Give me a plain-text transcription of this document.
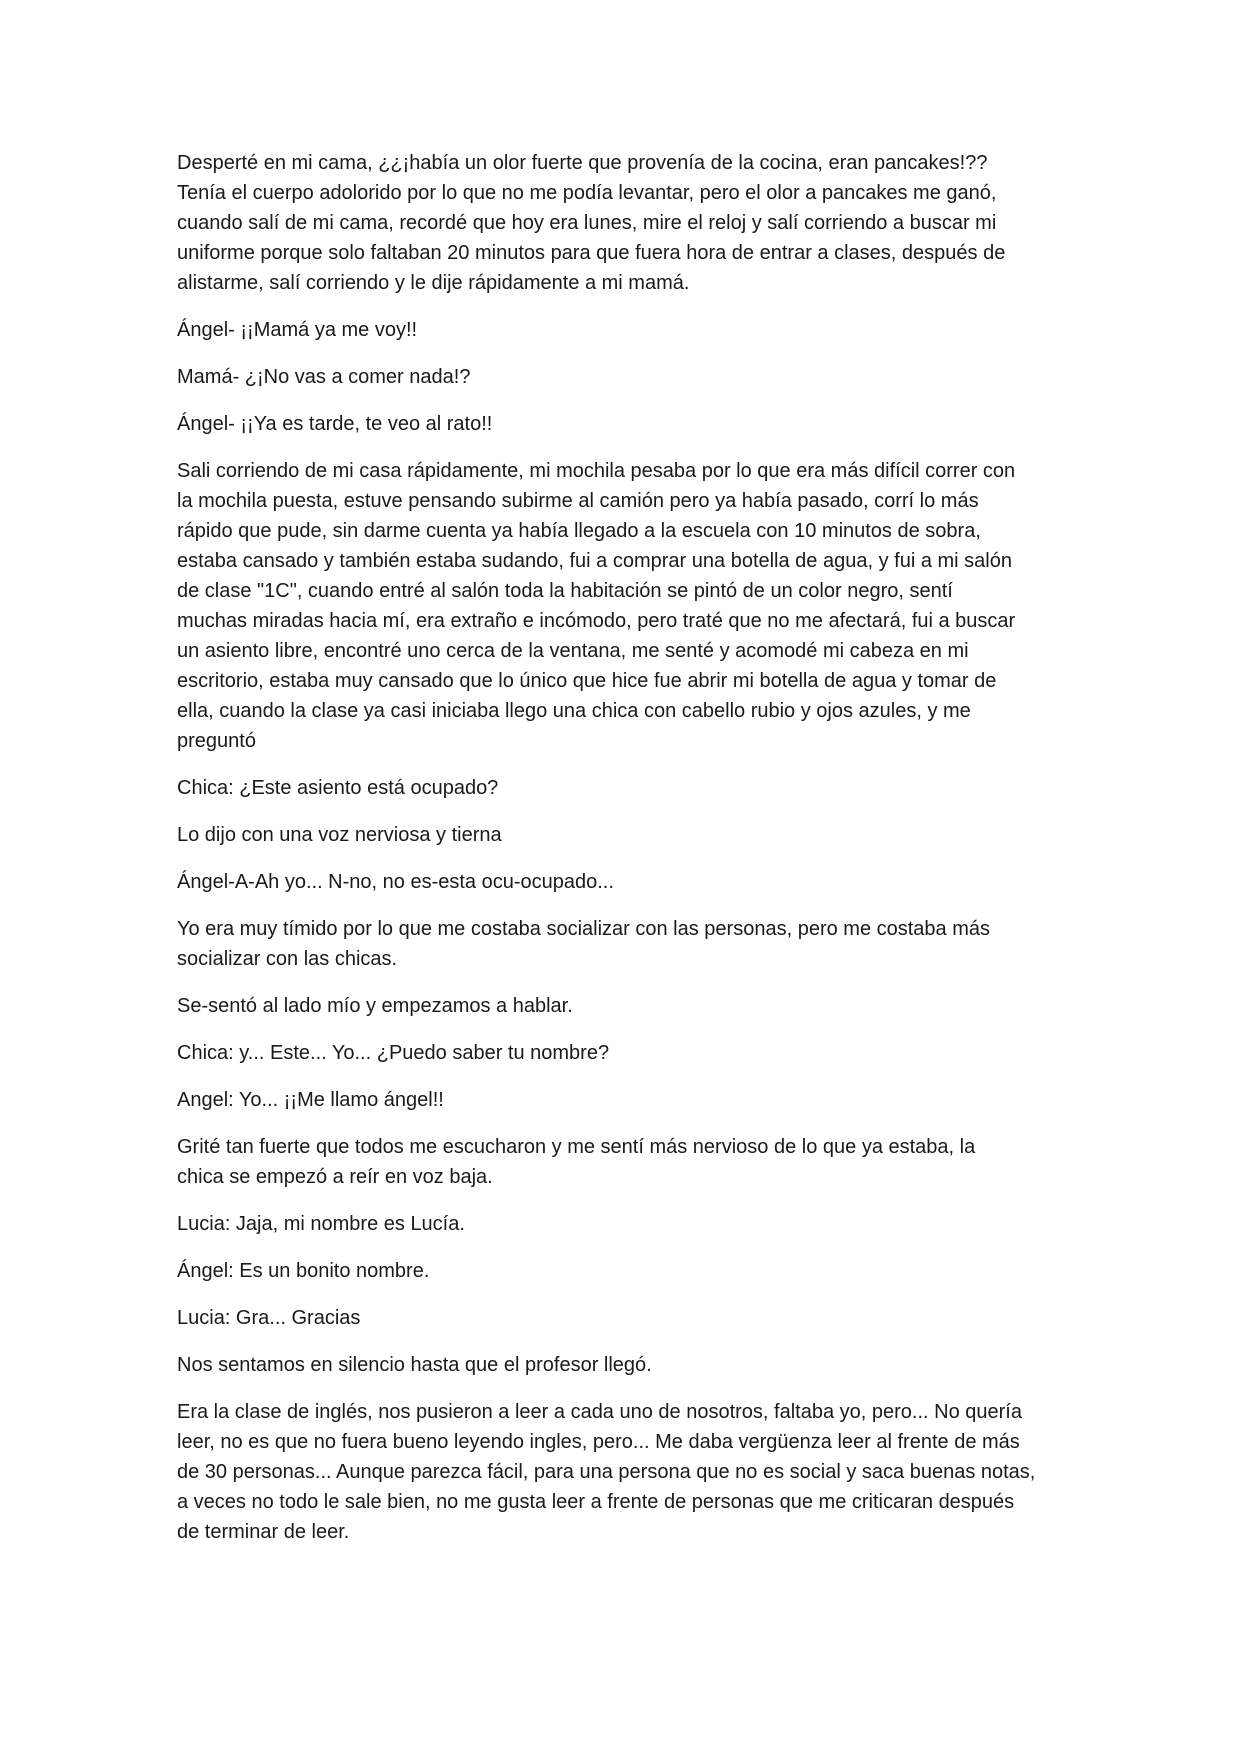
Desperté en mi cama, ¿¿¡había un olor fuerte que provenía de la cocina, eran pancakes!??
Tenía el cuerpo adolorido por lo que no me podía levantar, pero el olor a pancakes me ganó,
cuando salí de mi cama, recordé que hoy era lunes, mire el reloj y salí corriendo a buscar mi
uniforme porque solo faltaban 20 minutos para que fuera hora de entrar a clases, después de
alistarme, salí corriendo y le dije rápidamente a mi mamá.

Ángel- ¡¡Mamá ya me voy!!

Mamá- ¿¡No vas a comer nada!?

Ángel- ¡¡Ya es tarde, te veo al rato!!

Sali corriendo de mi casa rápidamente, mi mochila pesaba por lo que era más difícil correr con
la mochila puesta, estuve pensando subirme al camión pero ya había pasado, corrí lo más
rápido que pude, sin darme cuenta ya había llegado a la escuela con 10 minutos de sobra,
estaba cansado y también estaba sudando, fui a comprar una botella de agua, y fui a mi salón
de clase "1C", cuando entré al salón toda la habitación se pintó de un color negro, sentí
muchas miradas hacia mí, era extraño e incómodo, pero traté que no me afectará, fui a buscar
un asiento libre, encontré uno cerca de la ventana, me senté y acomodé mi cabeza en mi
escritorio, estaba muy cansado que lo único que hice fue abrir mi botella de agua y tomar de
ella, cuando la clase ya casi iniciaba llego una chica con cabello rubio y ojos azules, y me
preguntó

Chica: ¿Este asiento está ocupado?

Lo dijo con una voz nerviosa y tierna

Ángel-A-Ah yo... N-no, no es-esta ocu-ocupado...

Yo era muy tímido por lo que me costaba socializar con las personas, pero me costaba más
socializar con las chicas.

Se-sentó al lado mío y empezamos a hablar.

Chica: y... Este... Yo... ¿Puedo saber tu nombre?

Angel: Yo... ¡¡Me llamo ángel!!

Grité tan fuerte que todos me escucharon y me sentí más nervioso de lo que ya estaba, la
chica se empezó a reír en voz baja.

Lucia: Jaja, mi nombre es Lucía.

Ángel: Es un bonito nombre.

Lucia: Gra... Gracias

Nos sentamos en silencio hasta que el profesor llegó.

Era la clase de inglés, nos pusieron a leer a cada uno de nosotros, faltaba yo, pero... No quería
leer, no es que no fuera bueno leyendo ingles, pero... Me daba vergüenza leer al frente de más
de 30 personas... Aunque parezca fácil, para una persona que no es social y saca buenas notas,
a veces no todo le sale bien, no me gusta leer a frente de personas que me criticaran después
de terminar de leer.
